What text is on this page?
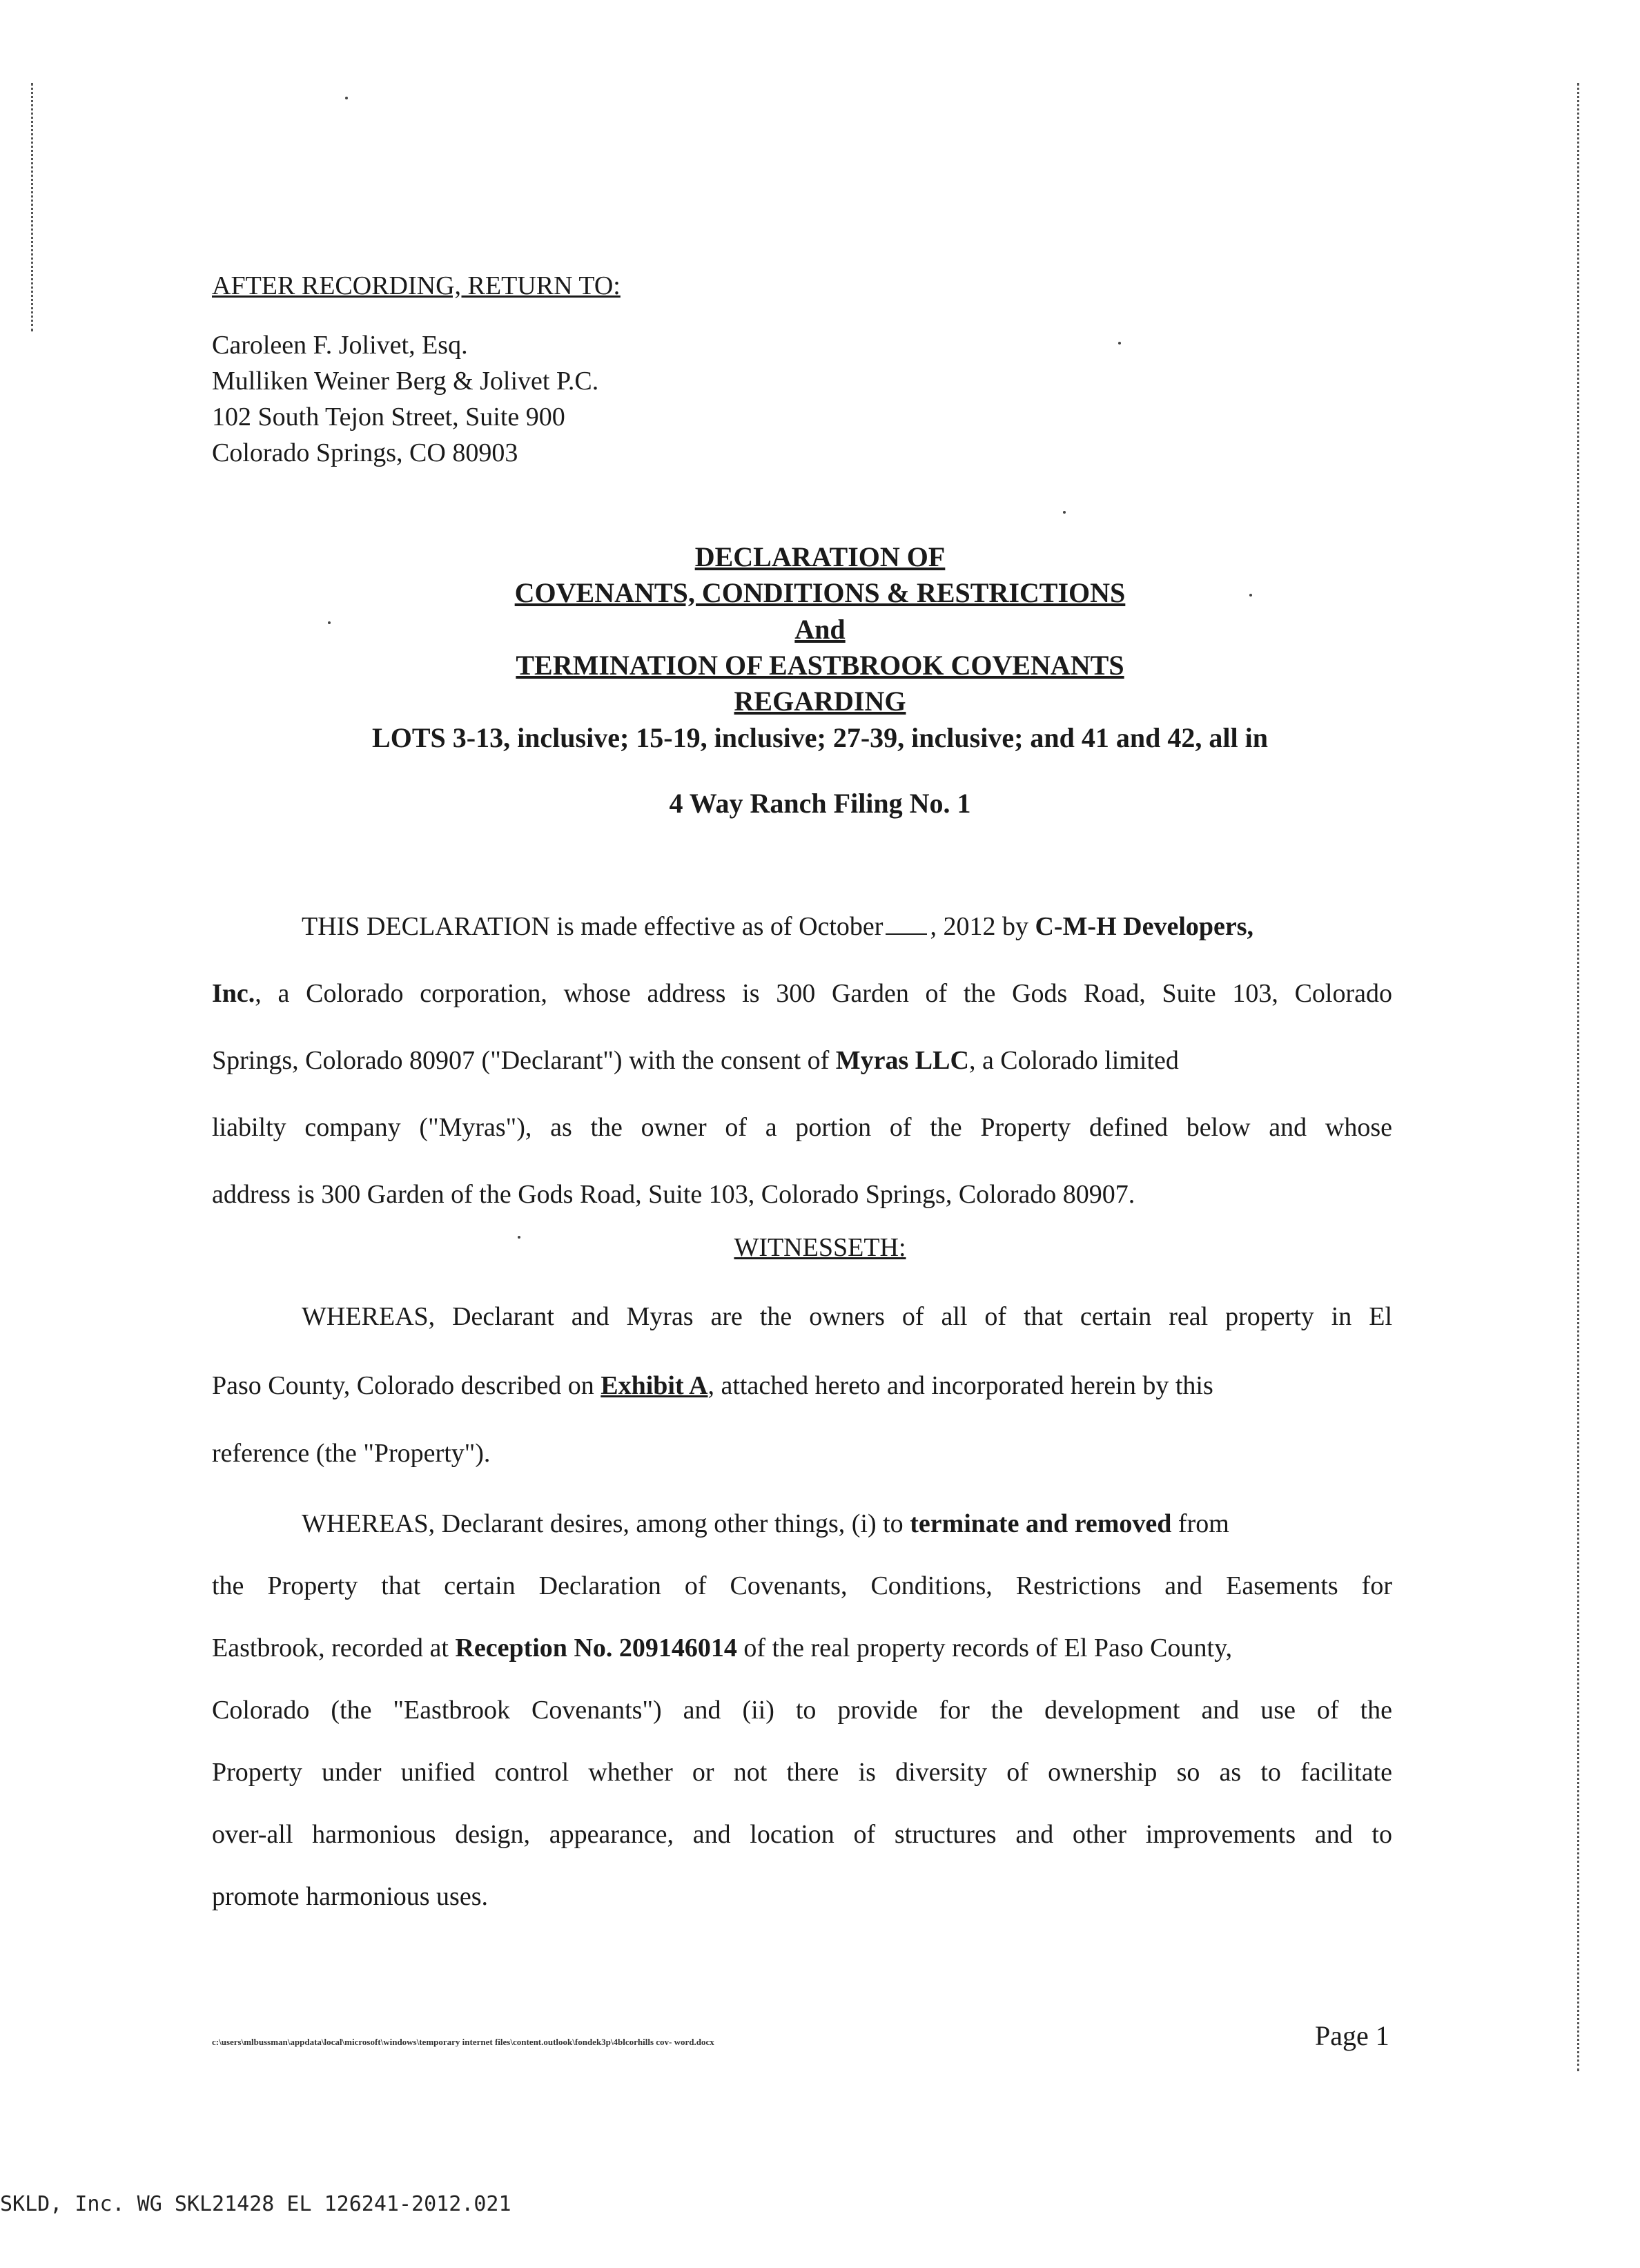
AFTER RECORDING, RETURN TO:
Caroleen F. Jolivet, Esq.
Mulliken Weiner Berg & Jolivet P.C.
102 South Tejon Street, Suite 900
Colorado Springs, CO 80903
DECLARATION OF
COVENANTS, CONDITIONS & RESTRICTIONS
And
TERMINATION OF EASTBROOK COVENANTS
REGARDING
LOTS 3-13, inclusive; 15-19, inclusive; 27-39, inclusive; and 41 and 42, all in
4 Way Ranch Filing No. 1
THIS DECLARATION is made effective as of October , 2012 by C-M-H Developers,
Inc., a Colorado corporation, whose address is 300 Garden of the Gods Road, Suite 103, Colorado
Springs, Colorado 80907 ("Declarant") with the consent of Myras LLC, a Colorado limited
liabilty company ("Myras"), as the owner of a portion of the Property defined below and whose
address is 300 Garden of the Gods Road, Suite 103, Colorado Springs, Colorado 80907.
WITNESSETH:
WHEREAS, Declarant and Myras are the owners of all of that certain real property in El
Paso County, Colorado described on Exhibit A, attached hereto and incorporated herein by this
reference (the "Property").
WHEREAS, Declarant desires, among other things, (i) to terminate and removed from
the Property that certain Declaration of Covenants, Conditions, Restrictions and Easements for
Eastbrook, recorded at Reception No. 209146014 of the real property records of El Paso County,
Colorado (the "Eastbrook Covenants") and (ii) to provide for the development and use of the
Property under unified control whether or not there is diversity of ownership so as to facilitate
over-all harmonious design, appearance, and location of structures and other improvements and to
promote harmonious uses.
c:\users\mlbussman\appdata\local\microsoft\windows\temporary internet files\content.outlook\fondek3p\4blcorhills cov- word.docx	Page 1
SKLD, Inc. WG SKL21428 EL 126241-2012.021
